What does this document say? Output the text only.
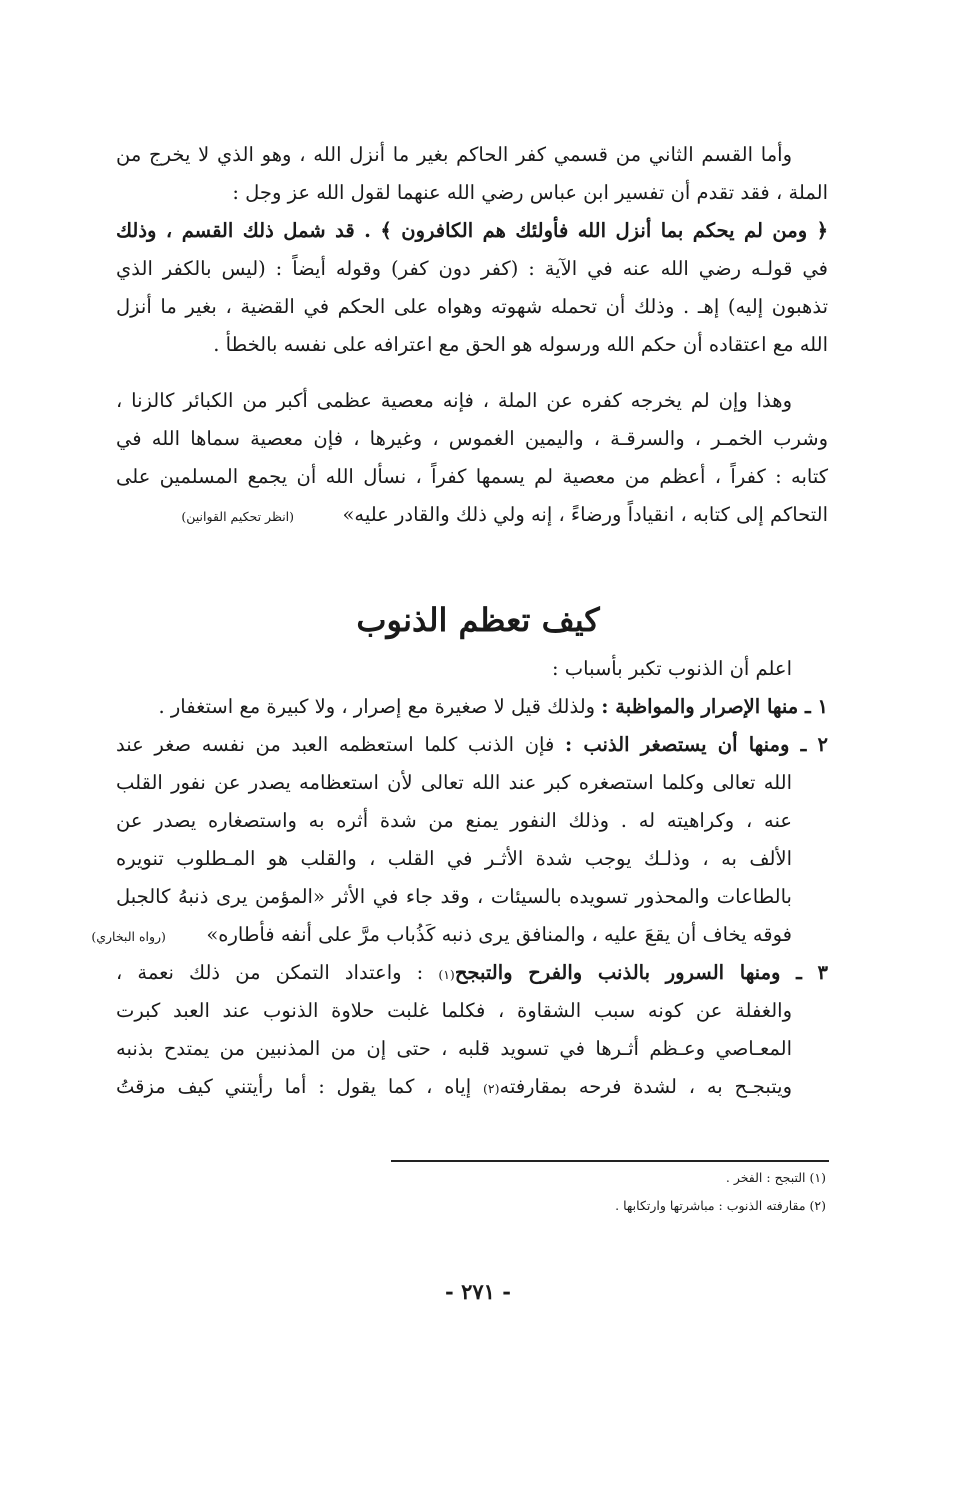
وأما القسم الثاني من قسمي كفر الحاكم بغير ما أنزل الله ، وهو الذي لا يخرج من
الملة ، فقد تقدم أن تفسير ابن عباس رضي الله عنهما لقول الله عز وجل :
﴿ ومن لم يحكم بما أنزل الله فأولئك هم الكافرون ﴾ . قد شمل ذلك القسم ، وذلك
في قولـه رضي الله عنه في الآية : (كفر دون كفر) وقوله أيضاً : (ليس بالكفر الذي
تذهبون إليه) إهـ . وذلك أن تحمله شهوته وهواه على الحكم في القضية ، بغير ما أنزل
الله مع اعتقاده أن حكم الله ورسوله هو الحق مع اعترافه على نفسه بالخطأ .
وهذا وإن لم يخرجه كفره عن الملة ، فإنه معصية عظمى أكبر من الكبائر كالزنا ،
وشرب الخمـر ، والسرقـة ، واليمين الغموس ، وغيرها ، فإن معصية سماها الله في
كتابه : كفراً ، أعظم من معصية لم يسمها كفراً ، نسأل الله أن يجمع المسلمين على
التحاكم إلى كتابه ، انقياداً ورضاءً ، إنه ولي ذلك والقادر عليه»  (انظر تحكيم القوانين)
كيف تعظم الذنوب
اعلم أن الذنوب تكبر بأسباب :
١ ـ منها الإصرار والمواظبة : ولذلك قيل لا صغيرة مع إصرار ، ولا كبيرة مع استغفار .
٢ ـ ومنها أن يستصغر الذنب : فإن الذنب كلما استعظمه العبد من نفسه صغر عند
الله تعالى وكلما استصغره كبر عند الله تعالى لأن استعظامه يصدر عن نفور القلب
عنه ، وكراهيته له . وذلك النفور يمنع من شدة أثره به واستصغاره يصدر عن
الألف به ، وذلـك يوجب شدة الأثـر في القلب ، والقلب هو المـطلوب تنويره
بالطاعات والمحذور تسويده بالسيئات ، وقد جاء في الأثر «المؤمن يرى ذنبهُ كالجبل
فوقه يخاف أن يقعَ عليه ، والمنافق يرى ذنبه كَذُباب مرَّ على أنفه فأطاره»  (رواه البخاري)
٣ ـ ومنها السرور بالذنب والفرح والتبجح(١) : واعتداد التمكن من ذلك نعمة ،
والغفلة عن كونه سبب الشقاوة ، فكلما غلبت حلاوة الذنوب عند العبد كبرت
المعـاصي وعـظم أثـرها في تسويد قلبه ، حتى إن من المذنبين من يمتدح بذنبه
ويتبجـح به ، لشدة فرحه بمقارفته(٢) إياه ، كما يقول : أما رأيتني كيف مزقتُ
(١) التبجح : الفخر .
(٢) مقارفته الذنوب : مباشرتها وارتكابها .
- ٢٧١ -
